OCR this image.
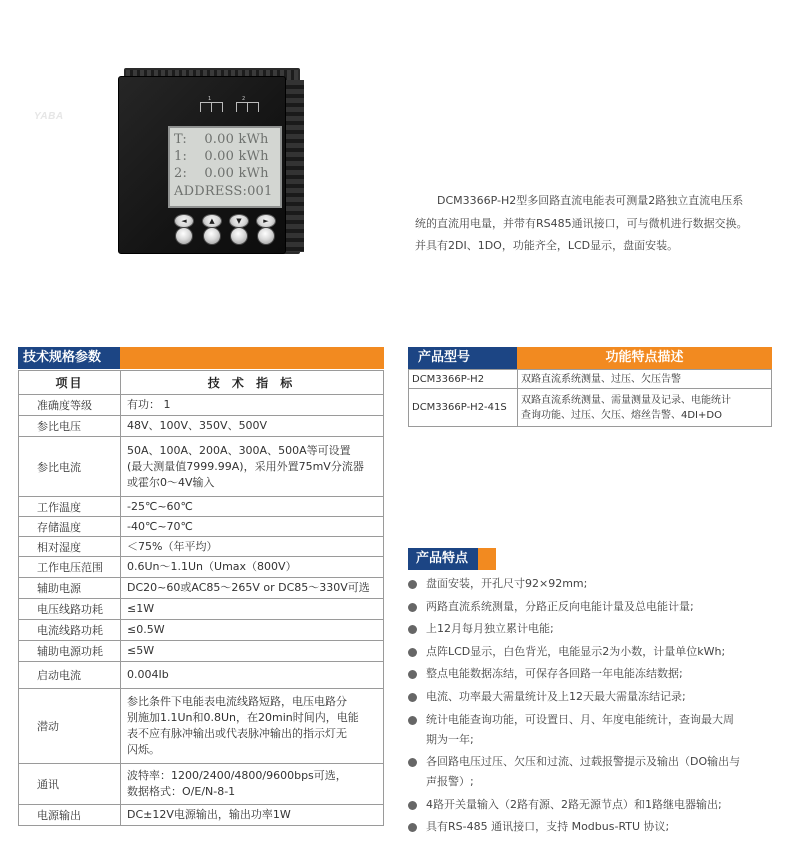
YABA
1	2
T:    0.00 kWh
1:    0.00 kWh
2:    0.00 kWh
ADDRESS:001
◄	▲	▼	►

DCM3366P-H2型多回路直流电能表可测量2路独立直流电压系

统的直流用电量，并带有RS485通讯接口，可与微机进行数据交换。

并具有2DI、1DO，功能齐全，LCD显示，盘面安装。

技术规格参数
项目	技 术 指 标
准确度等级	有功： 1
参比电压	48V、100V、350V、500V
参比电流	50A、100A、200A、300A、500A等可设置
(最大测量值7999.99A)，采用外置75mV分流器
或霍尔0～4V输入
工作温度	-25℃~60℃
存储温度	-40℃~70℃
相对湿度	＜75%（年平均）
工作电压范围	0.6Un～1.1Un（Umax（800V）
辅助电源	DC20~60或AC85～265V or DC85～330V可选
电压线路功耗	≤1W
电流线路功耗	≤0.5W
辅助电源功耗	≤5W
启动电流	0.004Ib
潜动	参比条件下电能表电流线路短路，电压电路分
别施加1.1Un和0.8Un，在20min时间内，电能
表不应有脉冲输出或代表脉冲输出的指示灯无
闪烁。
通讯	波特率：1200/2400/4800/9600bps可选，
数据格式：O/E/N-8-1
电源输出	DC±12V电源输出，输出功率1W
产品型号	功能特点描述
DCM3366P-H2	双路直流系统测量、过压、欠压告警
DCM3366P-H2-41S	双路直流系统测量、需量测量及记录、电能统计
查询功能、过压、欠压、熔丝告警、4DI+DO
产品特点
盘面安装，开孔尺寸92×92mm;
两路直流系统测量，分路正反向电能计量及总电能计量;
上12月每月独立累计电能;
点阵LCD显示，白色背光，电能显示2为小数，计量单位kWh;
整点电能数据冻结，可保存各回路一年电能冻结数据;
电流、功率最大需量统计及上12天最大需量冻结记录;
统计电能查询功能，可设置日、月、年度电能统计，查询最大周
期为一年;
各回路电压过压、欠压和过流、过载报警提示及输出（DO输出与
声报警）;
4路开关量输入（2路有源、2路无源节点）和1路继电器输出;
具有RS-485 通讯接口，支持 Modbus-RTU 协议;
